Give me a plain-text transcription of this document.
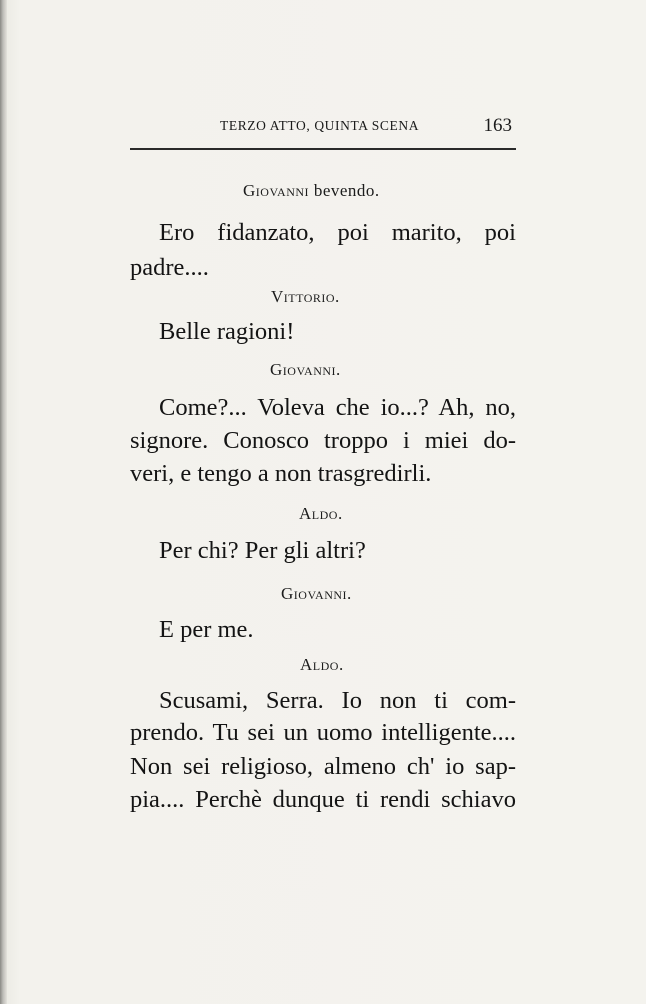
TERZO ATTO, QUINTA SCENA	163
Giovanni bevendo.
Ero fidanzato, poi marito, poi
padre....
Vittorio.
Belle ragioni!
Giovanni.
Come?... Voleva che io...? Ah, no,
signore. Conosco troppo i miei do-
veri, e tengo a non trasgredirli.
Aldo.
Per chi? Per gli altri?
Giovanni.
E per me.
Aldo.
Scusami, Serra. Io non ti com-
prendo. Tu sei un uomo intelligente....
Non sei religioso, almeno ch' io sap-
pia.... Perchè dunque ti rendi schiavo
